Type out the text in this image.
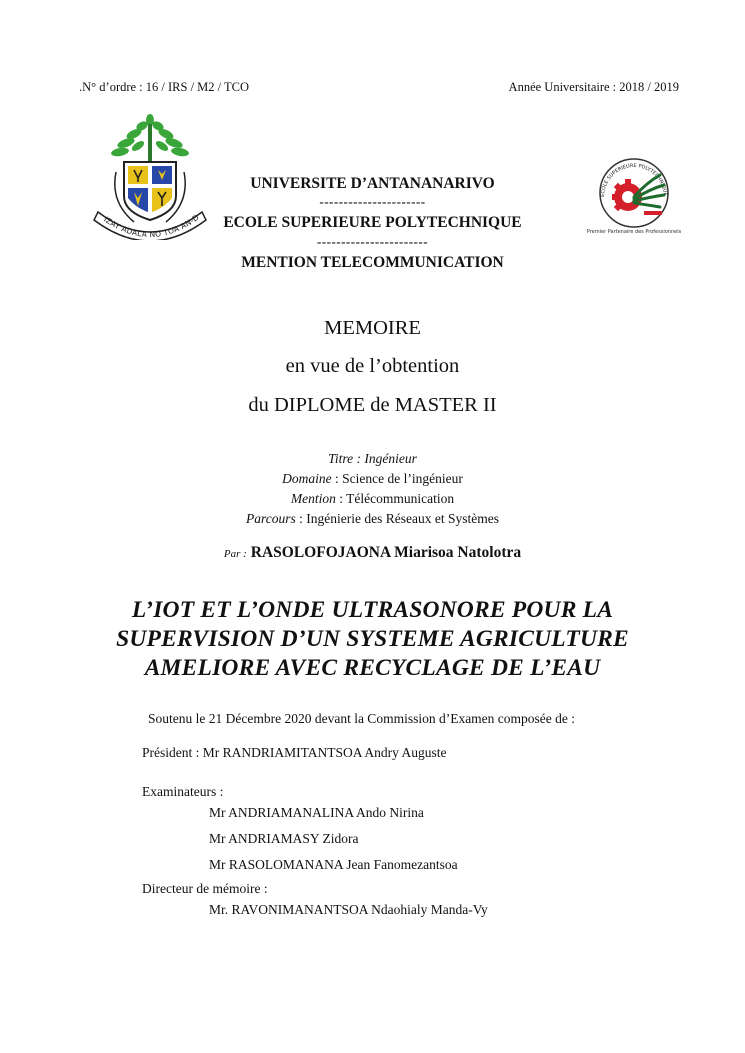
.N° d’ordre : 16 / IRS / M2 / TCO	Année Universitaire : 2018 / 2019
IZAY ADALA NO TOA AN-D
ECOLE SUPERIEURE POLYTECHNIQUE
Premier Partenaire des Professionnels
UNIVERSITE D’ANTANANARIVO
----------------------
ECOLE SUPERIEURE POLYTECHNIQUE
-----------------------
MENTION TELECOMMUNICATION
MEMOIRE
en vue de l’obtention
du DIPLOME de MASTER II
Titre : Ingénieur
Domaine : Science de l’ingénieur
Mention : Télécommunication
Parcours : Ingénierie des Réseaux et Systèmes
Par : RASOLOFOJAONA Miarisoa Natolotra
L’IOT ET L’ONDE ULTRASONORE POUR LA
SUPERVISION D’UN SYSTEME AGRICULTURE
AMELIORE AVEC RECYCLAGE DE L’EAU
Soutenu le 21 Décembre 2020 devant la Commission d’Examen composée de :
Président : Mr RANDRIAMITANTSOA Andry Auguste
Examinateurs :
Mr ANDRIAMANALINA Ando Nirina
Mr ANDRIAMASY Zidora
Mr RASOLOMANANA Jean Fanomezantsoa
Directeur de mémoire :
Mr. RAVONIMANANTSOA Ndaohialy Manda-Vy
